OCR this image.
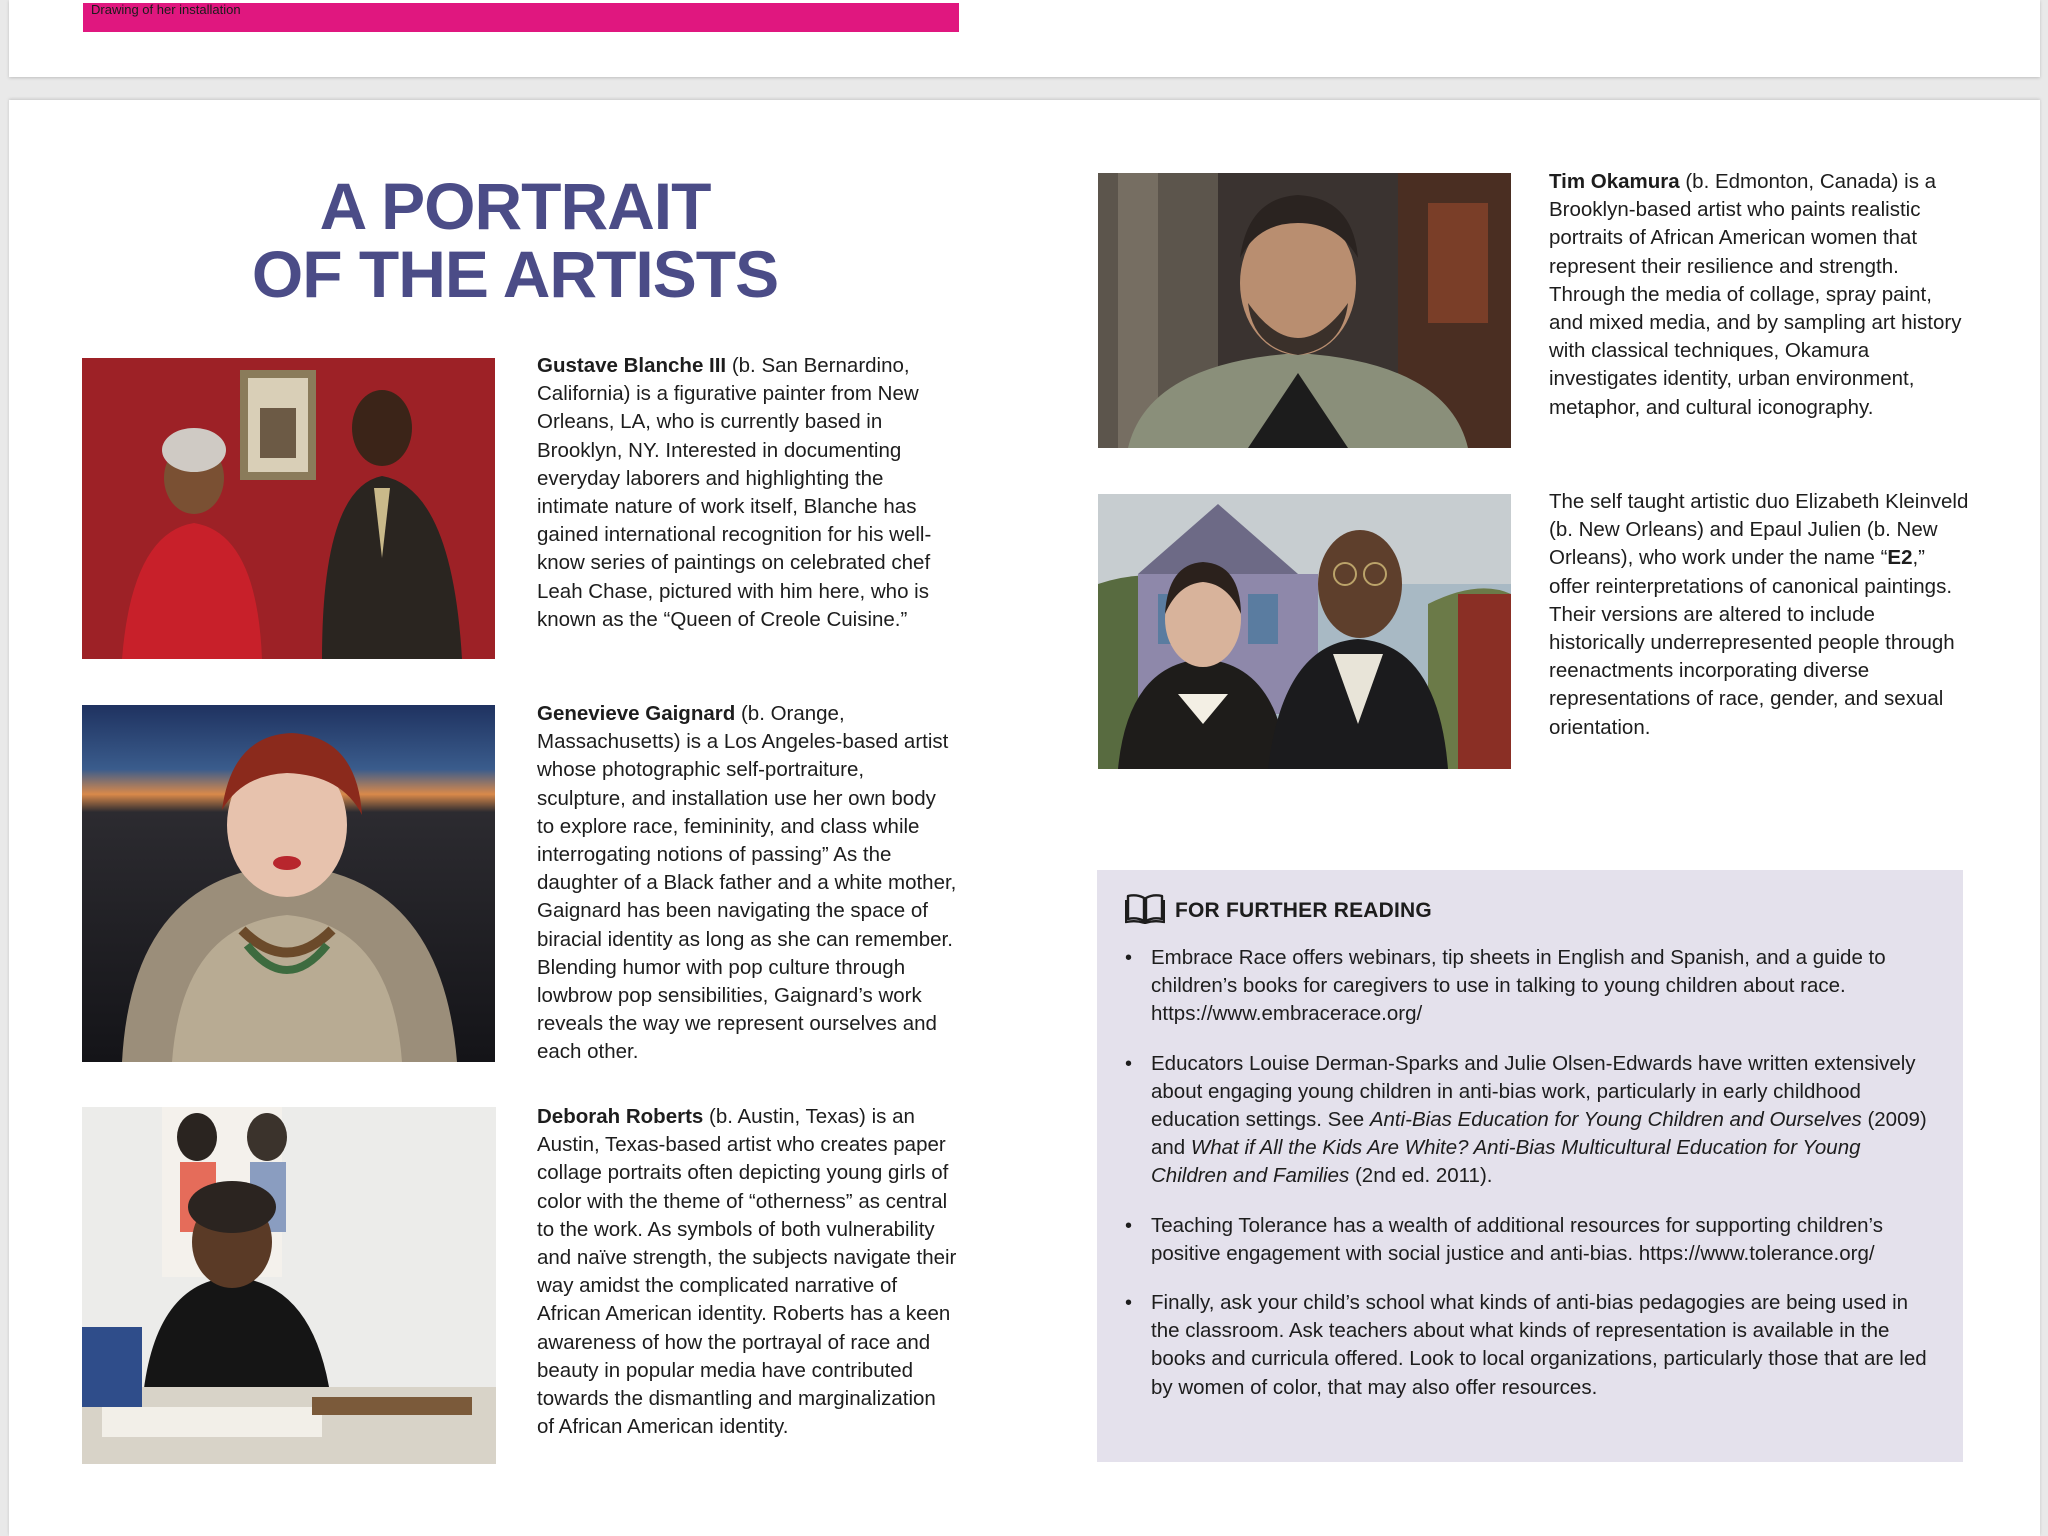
Drawing of her installation
A PORTRAIT
OF THE ARTISTS

Gustave Blanche III (b. San Bernardino, California) is a figurative painter from New Orleans, LA, who is currently based in Brooklyn, NY. Interested in documenting everyday laborers and highlighting the intimate nature of work itself, Blanche has gained international recognition for his well-know series of paintings on celebrated chef Leah Chase, pictured with him here, who is known as the “Queen of Creole Cuisine.”

Genevieve Gaignard (b. Orange, Massachusetts) is a Los Angeles-based artist whose photographic self-portraiture, sculpture, and installation use her own body to explore race, femininity, and class while interrogating notions of passing” As the daughter of a Black father and a white mother, Gaignard has been navigating the space of biracial identity as long as she can remember. Blending humor with pop culture through lowbrow pop sensibilities, Gaignard’s work reveals the way we represent ourselves and each other.

Deborah Roberts (b. Austin, Texas) is an Austin, Texas-based artist who creates paper collage portraits often depicting young girls of color with the theme of “otherness” as central to the work. As symbols of both vulnerability and naïve strength, the subjects navigate their way amidst the complicated narrative of African American identity. Roberts has a keen awareness of how the portrayal of race and beauty in popular media have contributed towards the dismantling and marginalization of African American identity.

Tim Okamura (b. Edmonton, Canada) is a Brooklyn-based artist who paints realistic portraits of African American women that represent their resilience and strength. Through the media of collage, spray paint, and mixed media, and by sampling art history with classical techniques, Okamura investigates identity, urban environment, metaphor, and cultural iconography.

The self taught artistic duo Elizabeth Kleinveld (b. New Orleans) and Epaul Julien (b. New Orleans), who work under the name “E2,” offer reinterpretations of canonical paintings. Their versions are altered to include historically underrepresented people through reenactments incorporating diverse representations of race, gender, and sexual orientation.

FOR FURTHER READING
• Embrace Race offers webinars, tip sheets in English and Spanish, and a guide to children’s books for caregivers to use in talking to young children about race. https://www.embracerace.org/
• Educators Louise Derman-Sparks and Julie Olsen-Edwards have written extensively about engaging young children in anti-bias work, particularly in early childhood education settings. See Anti-Bias Education for Young Children and Ourselves (2009) and What if All the Kids Are White? Anti-Bias Multicultural Education for Young Children and Families (2nd ed. 2011).
• Teaching Tolerance has a wealth of additional resources for supporting children’s positive engagement with social justice and anti-bias. https://www.tolerance.org/
• Finally, ask your child’s school what kinds of anti-bias pedagogies are being used in the classroom. Ask teachers about what kinds of representation is available in the books and curricula offered. Look to local organizations, particularly those that are led by women of color, that may also offer resources.
